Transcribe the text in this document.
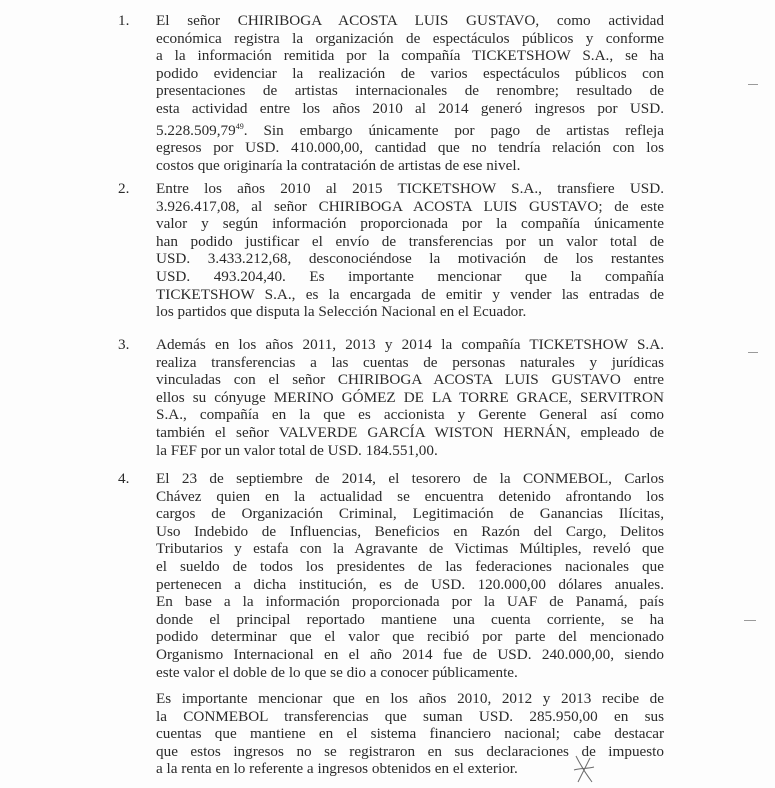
1. El señor CHIRIBOGA ACOSTA LUIS GUSTAVO, como actividad
económica registra la organización de espectáculos públicos y conforme
a la información remitida por la compañía TICKETSHOW S.A., se ha
podido evidenciar la realización de varios espectáculos públicos con
presentaciones de artistas internacionales de renombre; resultado de
esta actividad entre los años 2010 al 2014 generó ingresos por USD.
5.228.509,79$^{49}$. Sin embargo únicamente por pago de artistas refleja
egresos por USD. 410.000,00, cantidad que no tendría relación con los
costos que originaría la contratación de artistas de ese nivel.
2. Entre los años 2010 al 2015 TICKETSHOW S.A., transfiere USD.
3.926.417,08, al señor CHIRIBOGA ACOSTA LUIS GUSTAVO; de este
valor y según información proporcionada por la compañía únicamente
han podido justificar el envío de transferencias por un valor total de
USD. 3.433.212,68, desconociéndose la motivación de los restantes
USD. 493.204,40. Es importante mencionar que la compañía
TICKETSHOW S.A., es la encargada de emitir y vender las entradas de
los partidos que disputa la Selección Nacional en el Ecuador.
3. Además en los años 2011, 2013 y 2014 la compañía TICKETSHOW S.A.
realiza transferencias a las cuentas de personas naturales y jurídicas
vinculadas con el señor CHIRIBOGA ACOSTA LUIS GUSTAVO entre
ellos su cónyuge MERINO GÓMEZ DE LA TORRE GRACE, SERVITRON
S.A., compañía en la que es accionista y Gerente General así como
también el señor VALVERDE GARCÍA WISTON HERNÁN, empleado de
la FEF por un valor total de USD. 184.551,00.
4. El 23 de septiembre de 2014, el tesorero de la CONMEBOL, Carlos
Chávez quien en la actualidad se encuentra detenido afrontando los
cargos de Organización Criminal, Legitimación de Ganancias Ilícitas,
Uso Indebido de Influencias, Beneficios en Razón del Cargo, Delitos
Tributarios y estafa con la Agravante de Victimas Múltiples, reveló que
el sueldo de todos los presidentes de las federaciones nacionales que
pertenecen a dicha institución, es de USD. 120.000,00 dólares anuales.
En base a la información proporcionada por la UAF de Panamá, país
donde el principal reportado mantiene una cuenta corriente, se ha
podido determinar que el valor que recibió por parte del mencionado
Organismo Internacional en el año 2014 fue de USD. 240.000,00, siendo
este valor el doble de lo que se dio a conocer públicamente.
Es importante mencionar que en los años 2010, 2012 y 2013 recibe de
la CONMEBOL transferencias que suman USD. 285.950,00 en sus
cuentas que mantiene en el sistema financiero nacional; cabe destacar
que estos ingresos no se registraron en sus declaraciones de impuesto
a la renta en lo referente a ingresos obtenidos en el exterior.
